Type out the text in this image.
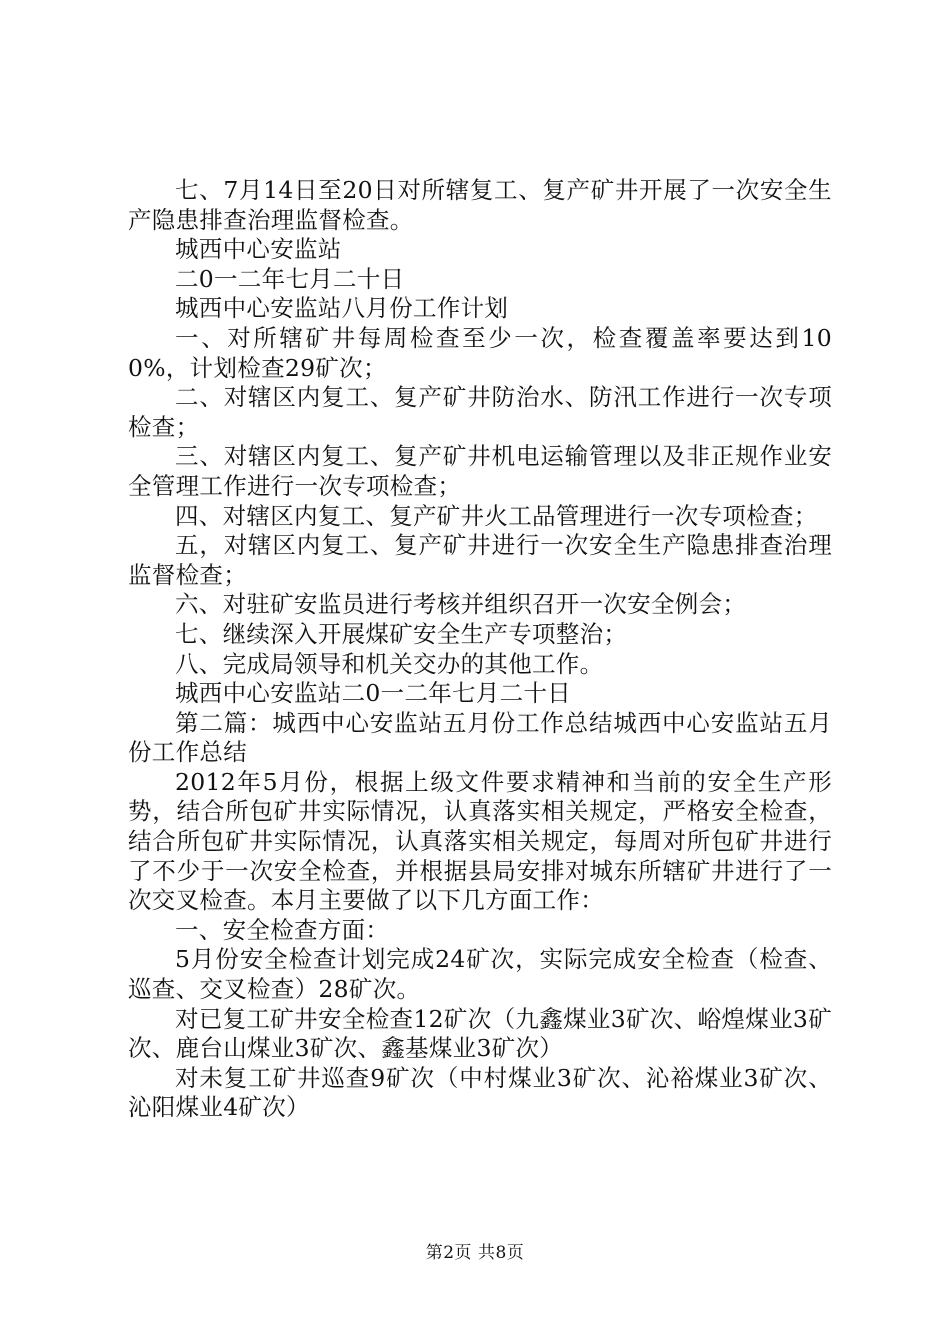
七、7月14日至20日对所辖复工、复产矿井开展了一次安全生产隐患排查治理监督检查。

城西中心安监站

二0一二年七月二十日

城西中心安监站八月份工作计划

一、对所辖矿井每周检查至少一次，检查覆盖率要达到100%，计划检查29矿次；

二、对辖区内复工、复产矿井防治水、防汛工作进行一次专项检查；

三、对辖区内复工、复产矿井机电运输管理以及非正规作业安全管理工作进行一次专项检查；

四、对辖区内复工、复产矿井火工品管理进行一次专项检查；

五，对辖区内复工、复产矿井进行一次安全生产隐患排查治理监督检查；

六、对驻矿安监员进行考核并组织召开一次安全例会；

七、继续深入开展煤矿安全生产专项整治；

八、完成局领导和机关交办的其他工作。

城西中心安监站二0一二年七月二十日

第二篇：城西中心安监站五月份工作总结城西中心安监站五月份工作总结

2012年5月份，根据上级文件要求精神和当前的安全生产形势，结合所包矿井实际情况，认真落实相关规定，严格安全检查，结合所包矿井实际情况，认真落实相关规定，每周对所包矿井进行了不少于一次安全检查，并根据县局安排对城东所辖矿井进行了一次交叉检查。本月主要做了以下几方面工作：

一、安全检查方面：

5月份安全检查计划完成24矿次，实际完成安全检查（检查、巡查、交叉检查）28矿次。

对已复工矿井安全检查12矿次（九鑫煤业3矿次、峪煌煤业3矿次、鹿台山煤业3矿次、鑫基煤业3矿次）

对未复工矿井巡查9矿次（中村煤业3矿次、沁裕煤业3矿次、沁阳煤业4矿次）

第2页 共8页
